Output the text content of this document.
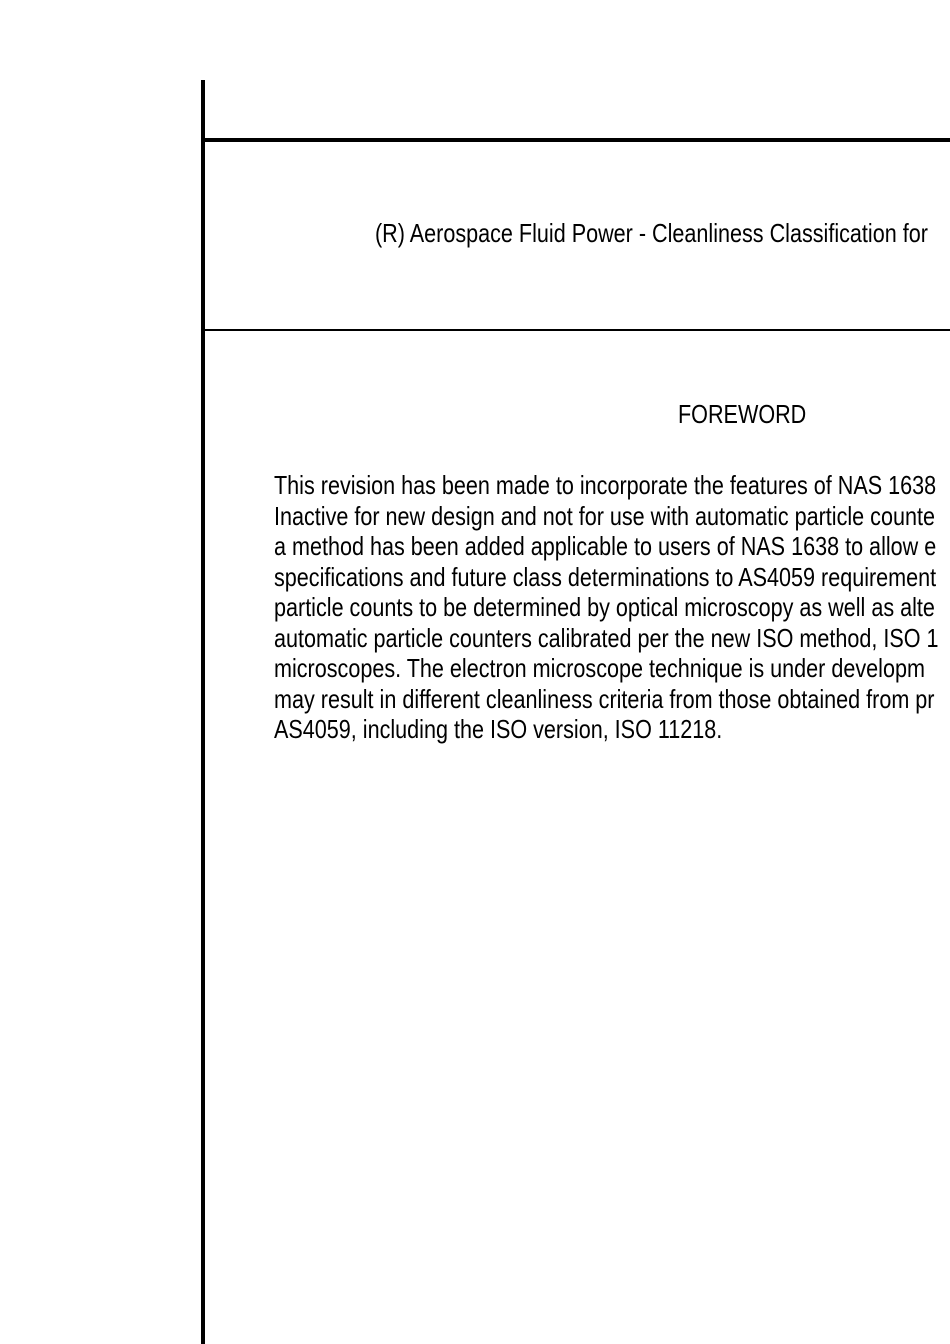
(R) Aerospace Fluid Power - Cleanliness Classification for
FOREWORD
This revision has been made to incorporate the features of NAS 1638
Inactive for new design and not for use with automatic particle counte
a method has been added applicable to users of NAS 1638 to allow e
specifications and future class determinations to AS4059 requirement
particle counts to be determined by optical microscopy as well as alte
automatic particle counters calibrated per the new ISO method, ISO 1
microscopes. The electron microscope technique is under developm
may result in different cleanliness criteria from those obtained from pr
AS4059, including the ISO version, ISO 11218.
